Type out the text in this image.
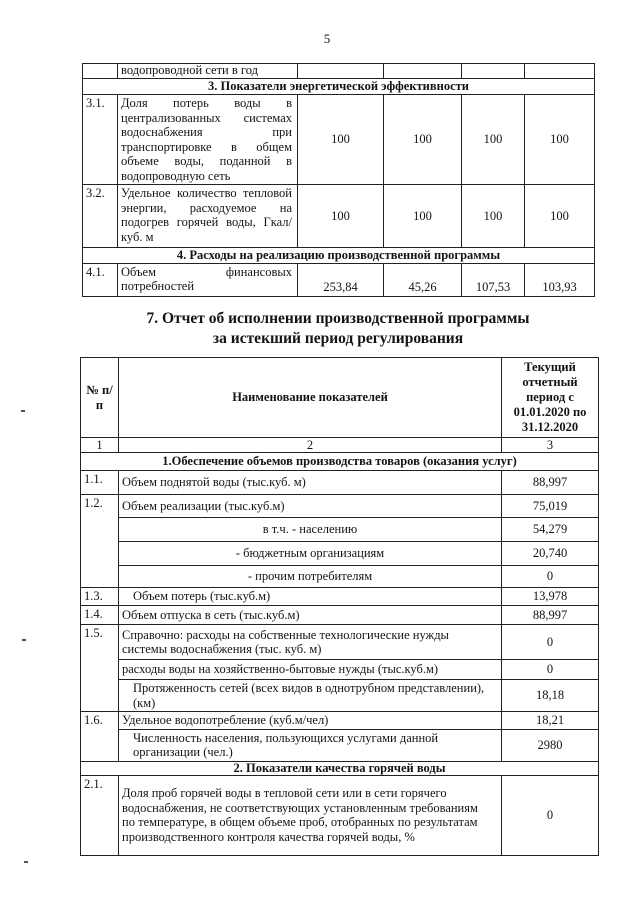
5
	водопроводной сети в год				
3. Показатели энергетической эффективности					
3.1.	Доля потерь воды в централизованных системах водоснабжения при транспортировке в общем объеме воды, поданной в водопроводную сеть	100	100	100	100
3.2.	Удельное количество тепловой энергии, расходуемое на подогрев горячей воды, Гкал/куб. м	100	100	100	100
4. Расходы на реализацию производственной программы					
4.1.	Объем финансовых потребностей	253,84	45,26	107,53	103,93
7. Отчет об исполнении производственной программы
за истекший период регулирования
№ п/п	Наименование показателей	Текущий отчетный период с 01.01.2020 по 31.12.2020
1	2	3
1.Обеспечение объемов производства товаров (оказания услуг)		
1.1.	Объем поднятой воды (тыс.куб. м)	88,997
1.2.	Объем реализации (тыс.куб.м)	75,019
	в т.ч. - населению	54,279
	- бюджетным организациям	20,740
	- прочим потребителям	0
1.3.	Объем потерь (тыс.куб.м)	13,978
1.4.	Объем отпуска в сеть (тыс.куб.м)	88,997
1.5.	Справочно: расходы на собственные технологические нужды системы водоснабжения (тыс. куб. м)	0
	расходы воды на хозяйственно-бытовые нужды (тыс.куб.м)	0
	Протяженность сетей (всех видов в однотрубном представлении), (км)	18,18
1.6.	Удельное водопотребление (куб.м/чел)	18,21
	Численность населения, пользующихся услугами данной организации (чел.)	2980
2. Показатели качества горячей воды		
2.1.	Доля проб горячей воды в тепловой сети или в сети горячего водоснабжения, не соответствующих установленным требованиям по температуре, в общем объеме проб, отобранных по результатам производственного контроля качества горячей воды, %	0
